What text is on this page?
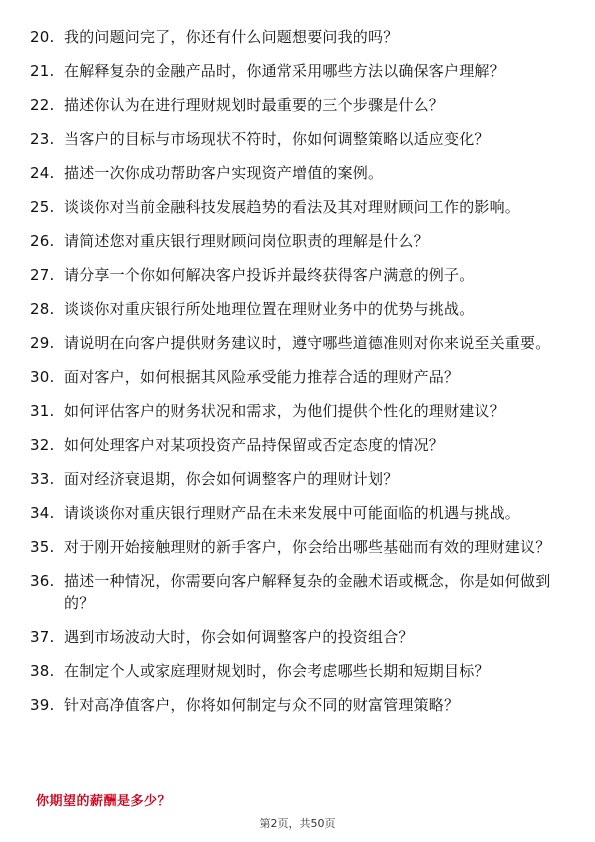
20. 我的问题问完了，你还有什么问题想要问我的吗？
21. 在解释复杂的金融产品时，你通常采用哪些方法以确保客户理解？
22. 描述你认为在进行理财规划时最重要的三个步骤是什么？
23. 当客户的目标与市场现状不符时，你如何调整策略以适应变化？
24. 描述一次你成功帮助客户实现资产增值的案例。
25. 谈谈你对当前金融科技发展趋势的看法及其对理财顾问工作的影响。
26. 请简述您对重庆银行理财顾问岗位职责的理解是什么？
27. 请分享一个你如何解决客户投诉并最终获得客户满意的例子。
28. 谈谈你对重庆银行所处地理位置在理财业务中的优势与挑战。
29. 请说明在向客户提供财务建议时，遵守哪些道德准则对你来说至关重要。
30. 面对客户，如何根据其风险承受能力推荐合适的理财产品？
31. 如何评估客户的财务状况和需求，为他们提供个性化的理财建议？
32. 如何处理客户对某项投资产品持保留或否定态度的情况？
33. 面对经济衰退期，你会如何调整客户的理财计划？
34. 请谈谈你对重庆银行理财产品在未来发展中可能面临的机遇与挑战。
35. 对于刚开始接触理财的新手客户，你会给出哪些基础而有效的理财建议？
36. 描述一种情况，你需要向客户解释复杂的金融术语或概念，你是如何做到的？
37. 遇到市场波动大时，你会如何调整客户的投资组合？
38. 在制定个人或家庭理财规划时，你会考虑哪些长期和短期目标？
39. 针对高净值客户，你将如何制定与众不同的财富管理策略？
你期望的薪酬是多少？
第2页，共50页
